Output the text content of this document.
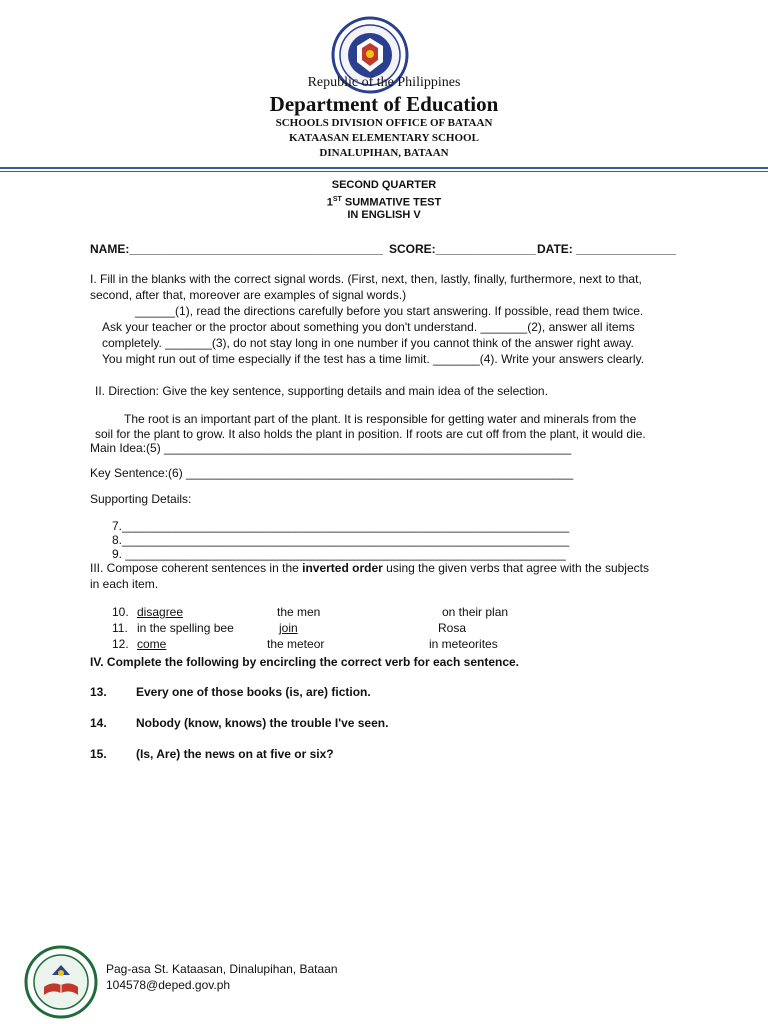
Republic of the Philippines
Department of Education
SCHOOLS DIVISION OFFICE OF BATAAN
KATAASAN ELEMENTARY SCHOOL
DINALUPIHAN, BATAAN
SECOND QUARTER
1ST SUMMATIVE TEST
IN ENGLISH V
NAME:______________________________________ SCORE:_______________ DATE: _______________
I. Fill in the blanks with the correct signal words. (First, next, then, lastly, finally, furthermore, next to that,
second, after that, moreover are examples of signal words.)
______(1), read the directions carefully before you start answering. If possible, read them twice.
Ask your teacher or the proctor about something you don't understand. _______(2), answer all items
completely. _______(3), do not stay long in one number if you cannot think of the answer right away.
You might run out of time especially if the test has a time limit. _______(4). Write your answers clearly.
II. Direction: Give the key sentence, supporting details and main idea of the selection.
The root is an important part of the plant. It is responsible for getting water and minerals from the
soil for the plant to grow. It also holds the plant in position. If roots are cut off from the plant, it would die.
Main Idea:(5) _____________________________________________________________
Key Sentence:(6) __________________________________________________________
Supporting Details:
7.___________________________________________________________________
8.___________________________________________________________________
9. __________________________________________________________________
III. Compose coherent sentences in the inverted order using the given verbs that agree with the subjects
in each item.
10. disagree	the men	on their plan
11. in the spelling bee	join	Rosa
12. come	the meteor	in meteorites
IV. Complete the following by encircling the correct verb for each sentence.
13. Every one of those books (is, are) fiction.
14. Nobody (know, knows) the trouble I've seen.
15. (Is, Are) the news on at five or six?
Pag-asa St. Kataasan, Dinalupihan, Bataan
104578@deped.gov.ph
